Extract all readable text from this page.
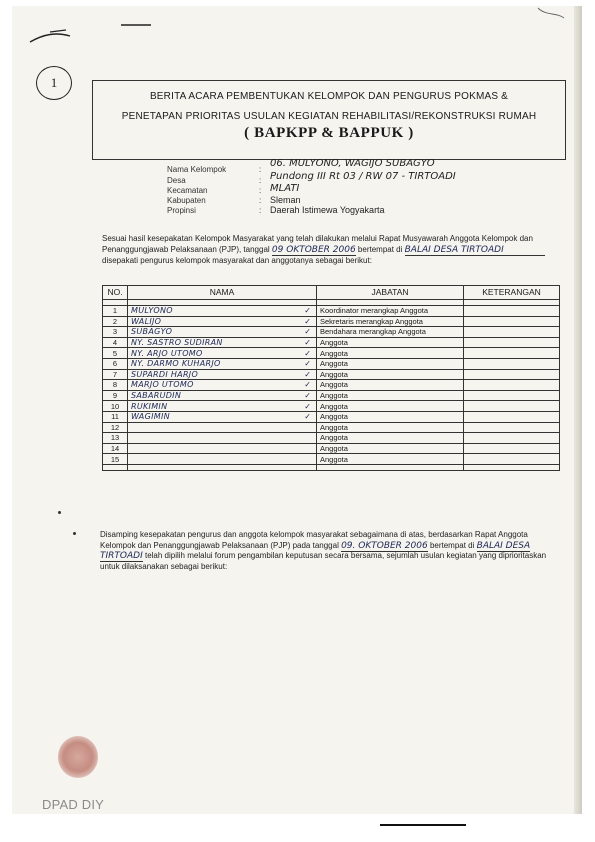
1
BERITA ACARA PEMBENTUKAN KELOMPOK DAN PENGURUS POKMAS &
PENETAPAN PRIORITAS USULAN KEGIATAN REHABILITASI/REKONSTRUKSI RUMAH
( BAPKPP & BAPPUK )
Nama Kelompok	:
06. MULYONO, WAGIJO SUBAGYO
Desa	: Pundong III Rt 03 / RW 07 - TIRTOADI
Kecamatan	: MLATI
Kabupaten	: Sleman
Propinsi	: Daerah Istimewa Yogyakarta
Sesuai hasil kesepakatan Kelompok Masyarakat yang telah dilakukan melalui Rapat Musyawarah Anggota Kelompok dan Penanggungjawab Pelaksanaan (PJP), tanggal 09 OKTOBER 2006 bertempat di BALAI DESA TIRTOADI disepakati pengurus kelompok masyarakat dan anggotanya sebagai berikut:
NO.	NAMA	JABATAN	KETERANGAN

1	MULYONO ✓	Koordinator merangkap Anggota	
2	WALIJO ✓	Sekretaris merangkap Anggota	
3	SUBAGYO ✓	Bendahara merangkap Anggota	
4	NY. SASTRO SUDIRAN ✓	Anggota	
5	NY. ARJO UTOMO ✓	Anggota	
6	NY. DARMO KUHARJO ✓	Anggota	
7	SUPARDI HARJO ✓	Anggota	
8	MARJO UTOMO ✓	Anggota	
9	SABARUDIN ✓	Anggota	
10	RUKIMIN ✓	Anggota	
11	WAGIMIN ✓	Anggota	
12		Anggota	
13		Anggota	
14		Anggota	
15		Anggota	

Disamping kesepakatan pengurus dan anggota kelompok masyarakat sebagaimana di atas, berdasarkan Rapat Anggota Kelompok dan Penanggungjawab Pelaksanaan (PJP) pada tanggal 09. OKTOBER 2006 bertempat di BALAI DESA TIRTOADI telah dipilih melalui forum pengambilan keputusan secara bersama, sejumlah usulan kegiatan yang diprioritaskan untuk dilaksanakan sebagai berikut:
DPAD DIY
